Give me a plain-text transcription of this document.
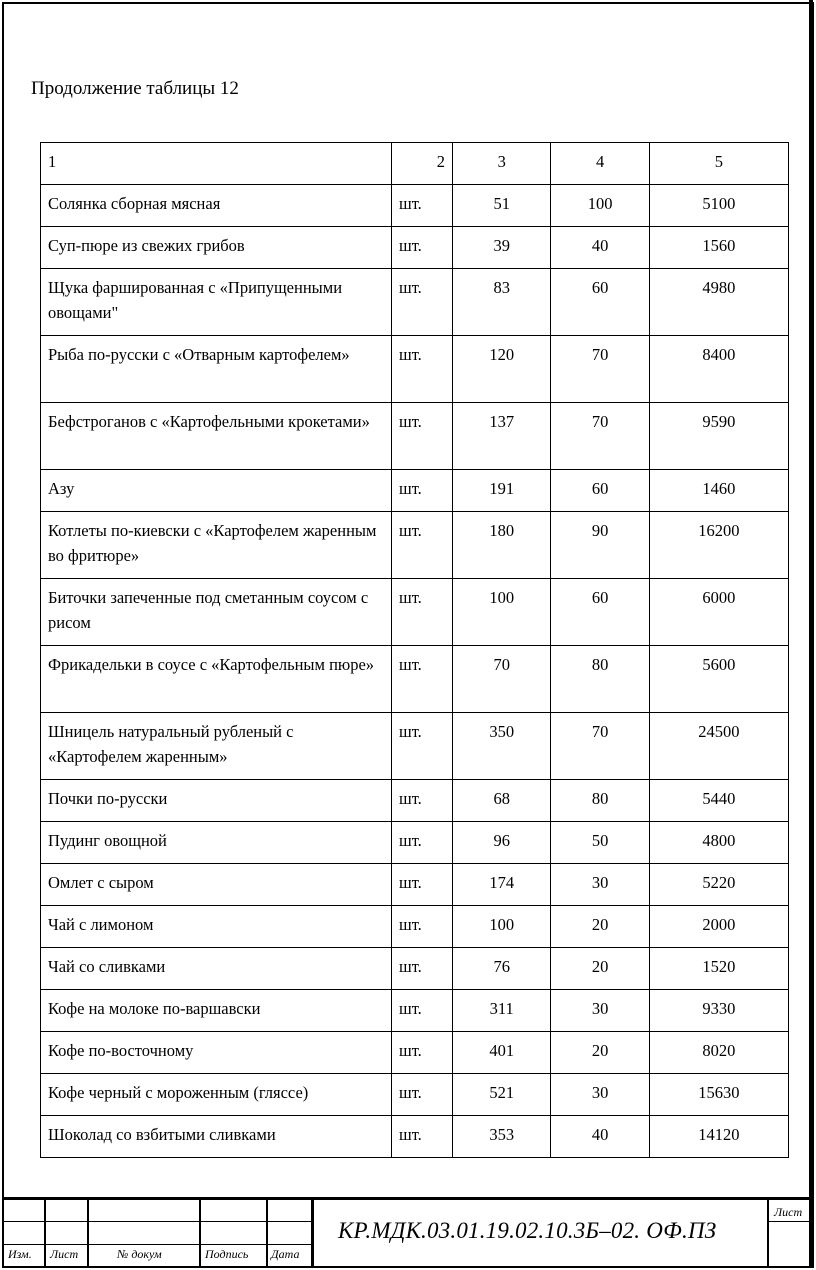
Продолжение таблицы 12
1	2	3	4	5
Солянка сборная мясная	шт.	51	100	5100
Суп-пюре из свежих грибов	шт.	39	40	1560
Щука фаршированная с «Припущенными овощами"	шт.	83	60	4980
Рыба по-русски с «Отварным картофелем»	шт.	120	70	8400
Бефстроганов с «Картофельными крокетами»	шт.	137	70	9590
Азу	шт.	191	60	1460
Котлеты по-киевски с «Картофелем жаренным во фритюре»	шт.	180	90	16200
Биточки запеченные под сметанным соусом с рисом	шт.	100	60	6000
Фрикадельки в соусе с «Картофельным пюре»	шт.	70	80	5600
Шницель натуральный рубленый с «Картофелем жаренным»	шт.	350	70	24500
Почки по-русски	шт.	68	80	5440
Пудинг овощной	шт.	96	50	4800
Омлет с сыром	шт.	174	30	5220
Чай с лимоном	шт.	100	20	2000
Чай со сливками	шт.	76	20	1520
Кофе на молоке по-варшавски	шт.	311	30	9330
Кофе по-восточному	шт.	401	20	8020
Кофе черный с мороженным (гляссе)	шт.	521	30	15630
Шоколад со взбитыми сливками	шт.	353	40	14120
Изм. Лист	№ докум	Подпись Дата
Лист
КР.МДК.03.01.19.02.10.3Б–02. ОФ.ПЗ
